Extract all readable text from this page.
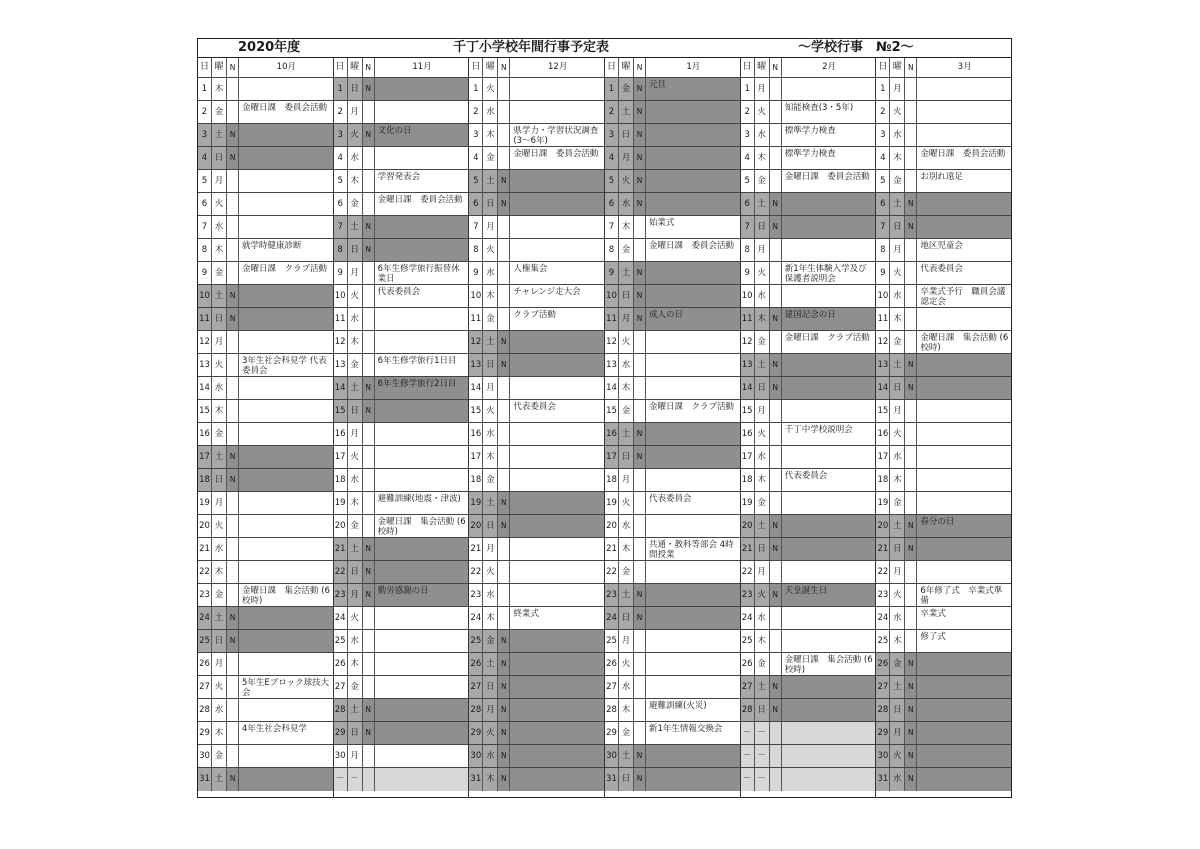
2020年度	千丁小学校年間行事予定表	～学校行事　№2～
日 曜 N	10月
1 木
2 金	金曜日課　委員会活動
3 土 N
4 日 N
5 月
6 火
7 水
8 木	就学時健康診断
9 金	金曜日課　クラブ活動
10 土 N
11 日 N
12 月
13 火	3年生社会科見学 代表委員会
14 水
15 木
16 金
17 土 N
18 日 N
19 月
20 火
21 水
22 木
23 金	金曜日課　集会活動 (6校時)
24 土 N
25 日 N
26 月
27 火	5年生Eブロック球技大会
28 水
29 木	4年生社会科見学
30 金
31 土 N
日 曜 N	11月
1 日 N
2 月
3 火 N 文化の日
4 水
5 木	学習発表会
6 金	金曜日課　委員会活動
7 土 N
8 日 N
9 月	6年生修学旅行振替休業日
10 火	代表委員会
11 水
12 木
13 金	6年生修学旅行1日目
14 土 N 6年生修学旅行2日目
15 日 N
16 月
17 火
18 水
19 木	避難訓練(地震・津波)
20 金	金曜日課　集会活動 (6校時)
21 土 N
22 日 N
23 月 N 勤労感謝の日
24 火
25 水
26 木
27 金
28 土 N
29 日 N
30 月
－ －
日 曜 N	12月
1 火
2 水
3 木	県学力・学習状況調査(3～6年)
4 金	金曜日課　委員会活動
5 土 N
6 日 N
7 月
8 火
9 水	人権集会
10 木	チャレンジ走大会
11 金	クラブ活動
12 土 N
13 日 N
14 月
15 火	代表委員会
16 水
17 木
18 金
19 土 N
20 日 N
21 月
22 火
23 水
24 木	終業式
25 金 N
26 土 N
27 日 N
28 月 N
29 火 N
30 水 N
31 木 N
日 曜 N	1月
1 金 N 元旦
2 土 N
3 日 N
4 月 N
5 火 N
6 水 N
7 木	始業式
8 金	金曜日課　委員会活動
9 土 N
10 日 N
11 月 N 成人の日
12 火
13 水
14 木
15 金	金曜日課　クラブ活動
16 土 N
17 日 N
18 月
19 火	代表委員会
20 水
21 木	共通・教科等部会 4時間授業
22 金
23 土 N
24 日 N
25 月
26 火
27 水
28 木	避難訓練(火災)
29 金	新1年生情報交換会
30 土 N
31 日 N
日 曜 N	2月
1 月
2 火	知能検査(3・5年)
3 水	標準学力検査
4 木	標準学力検査
5 金	金曜日課　委員会活動
6 土 N
7 日 N
8 月
9 火	新1年生体験入学及び保護者説明会
10 水
11 木 N 建国記念の日
12 金	金曜日課　クラブ活動
13 土 N
14 日 N
15 月
16 火	千丁中学校説明会
17 水
18 木	代表委員会
19 金
20 土 N
21 日 N
22 月
23 火 N 天皇誕生日
24 水
25 木
26 金	金曜日課　集会活動 (6校時)
27 土 N
28 日 N
－ －
－ －
－ －
日 曜 N	3月
1 月
2 火
3 水
4 木	金曜日課　委員会活動
5 金	お別れ遠足
6 土 N
7 日 N
8 月	地区児童会
9 火	代表委員会
10 水	卒業式予行　職員会議　認定会
11 木
12 金	金曜日課　集会活動 (6校時)
13 土 N
14 日 N
15 月
16 火
17 水
18 木
19 金
20 土 N 春分の日
21 日 N
22 月
23 火	6年修了式　卒業式準備
24 水	卒業式
25 木	修了式
26 金 N
27 土 N
28 日 N
29 月 N
30 火 N
31 水 N
